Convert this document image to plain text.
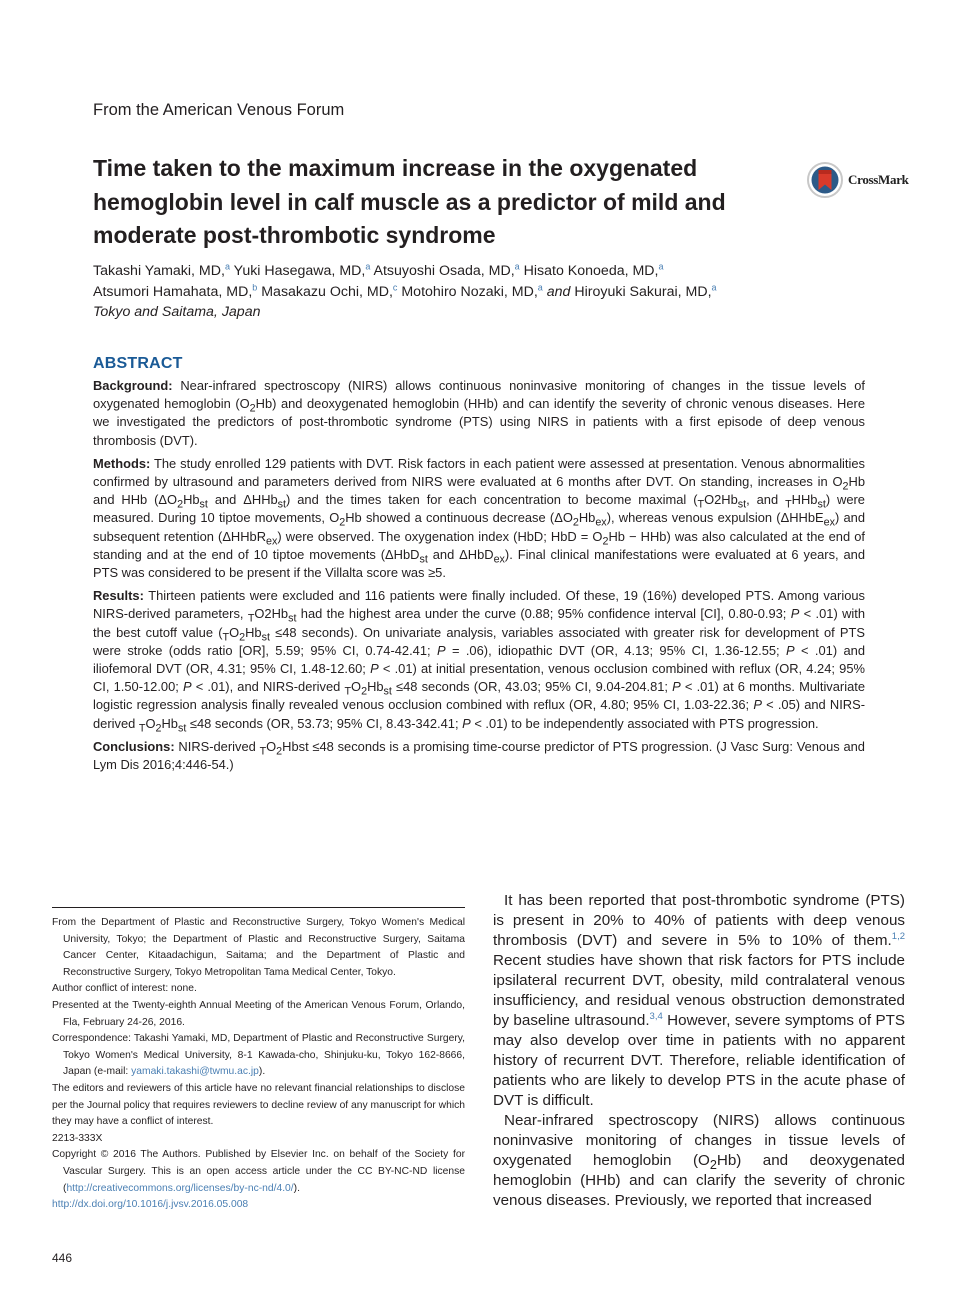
From the American Venous Forum
Time taken to the maximum increase in the oxygenated hemoglobin level in calf muscle as a predictor of mild and moderate post-thrombotic syndrome
CrossMark
Takashi Yamaki, MD,$^a$ Yuki Hasegawa, MD,$^a$ Atsuyoshi Osada, MD,$^a$ Hisato Konoeda, MD,$^a$
Atsumori Hamahata, MD,$^b$ Masakazu Ochi, MD,$^c$ Motohiro Nozaki, MD,$^a$ and Hiroyuki Sakurai, MD,$^a$
Tokyo and Saitama, Japan
ABSTRACT

Background: Near-infrared spectroscopy (NIRS) allows continuous noninvasive monitoring of changes in the tissue levels of oxygenated hemoglobin $(O_2Hb)$ and deoxygenated hemoglobin (HHb) and can identify the severity of chronic venous diseases. Here we investigated the predictors of post-thrombotic syndrome (PTS) using NIRS in patients with a first episode of deep venous thrombosis (DVT).

Methods: The study enrolled 129 patients with DVT. Risk factors in each patient were assessed at presentation. Venous abnormalities confirmed by ultrasound and parameters derived from NIRS were evaluated at 6 months after DVT. On standing, increases in $O_2Hb$ and HHb ($\Delta O_2Hb_{st}$ and ΔHHb$_{st}$) and the times taken for each concentration to become maximal ($_TO2Hb_{st}$, and $_T$HHb$_{st}$) were measured. During 10 tiptoe movements, $O_2Hb$ showed a continuous decrease $(\Delta O_2Hb_{ex})$, whereas venous expulsion (ΔHHbE$_{ex}$) and subsequent retention (ΔHHbR$_{ex}$) were observed. The oxygenation index (HbD; HbD = $O_2Hb - HHb$) was also calculated at the end of standing and at the end of 10 tiptoe movements (ΔHbD$_{st}$ and ΔHbD$_{ex}$). Final clinical manifestations were evaluated at 6 years, and PTS was considered to be present if the Villalta score was ≥5.

Results: Thirteen patients were excluded and 116 patients were finally included. Of these, 19 (16%) developed PTS. Among various NIRS-derived parameters, $_TO2Hb_{st}$ had the highest area under the curve (0.88; 95% confidence interval [CI], 0.80-0.93; P < .01) with the best cutoff value ($_TO_2Hb_{st} \le 48$ seconds). On univariate analysis, variables associated with greater risk for development of PTS were stroke (odds ratio [OR], 5.59; 95% CI, 0.74-42.41; P = .06), idiopathic DVT (OR, 4.13; 95% CI, 1.36-12.55; P < .01) and iliofemoral DVT (OR, 4.31; 95% CI, 1.48-12.60; P < .01) at initial presentation, venous occlusion combined with reflux (OR, 4.24; 95% CI, 1.50-12.00; P < .01), and NIRS-derived $_TO_2Hb_{st} \le 48$ seconds (OR, 43.03; 95% CI, 9.04-204.81; P < .01) at 6 months. Multivariate logistic regression analysis finally revealed venous occlusion combined with reflux (OR, 4.80; 95% CI, 1.03-22.36; P < .05) and NIRS-derived $_TO_2Hb_{st} \le 48$ seconds (OR, 53.73; 95% CI, 8.43-342.41; P < .01) to be independently associated with PTS progression.

Conclusions: NIRS-derived $_TO_2Hbst \le 48$ seconds is a promising time-course predictor of PTS progression. (J Vasc Surg: Venous and Lym Dis 2016;4:446-54.)

From the Department of Plastic and Reconstructive Surgery, Tokyo Women's Medical University, Tokyo; the Department of Plastic and Reconstructive Surgery, Saitama Cancer Center, Kitaadachigun, Saitama; and the Department of Plastic and Reconstructive Surgery, Tokyo Metropolitan Tama Medical Center, Tokyo.

Author conflict of interest: none.

Presented at the Twenty-eighth Annual Meeting of the American Venous Forum, Orlando, Fla, February 24-26, 2016.

Correspondence: Takashi Yamaki, MD, Department of Plastic and Reconstructive Surgery, Tokyo Women's Medical University, 8-1 Kawada-cho, Shinjuku-ku, Tokyo 162-8666, Japan (e-mail: yamaki.takashi@twmu.ac.jp).

The editors and reviewers of this article have no relevant financial relationships to disclose per the Journal policy that requires reviewers to decline review of any manuscript for which they may have a conflict of interest.

2213-333X

Copyright © 2016 The Authors. Published by Elsevier Inc. on behalf of the Society for Vascular Surgery. This is an open access article under the CC BY-NC-ND license (http://creativecommons.org/licenses/by-nc-nd/4.0/).

http://dx.doi.org/10.1016/j.jvsv.2016.05.008

It has been reported that post-thrombotic syndrome (PTS) is present in 20% to 40% of patients with deep venous thrombosis (DVT) and severe in 5% to 10% of them.$^{1,2}$ Recent studies have shown that risk factors for PTS include ipsilateral recurrent DVT, obesity, mild contralateral venous insufficiency, and residual venous obstruction demonstrated by baseline ultrasound.$^{3,4}$ However, severe symptoms of PTS may also develop over time in patients with no apparent history of recurrent DVT. Therefore, reliable identification of patients who are likely to develop PTS in the acute phase of DVT is difficult.

Near-infrared spectroscopy (NIRS) allows continuous noninvasive monitoring of changes in tissue levels of oxygenated hemoglobin $(O_2Hb)$ and deoxygenated hemoglobin (HHb) and can clarify the severity of chronic venous diseases. Previously, we reported that increased

446
